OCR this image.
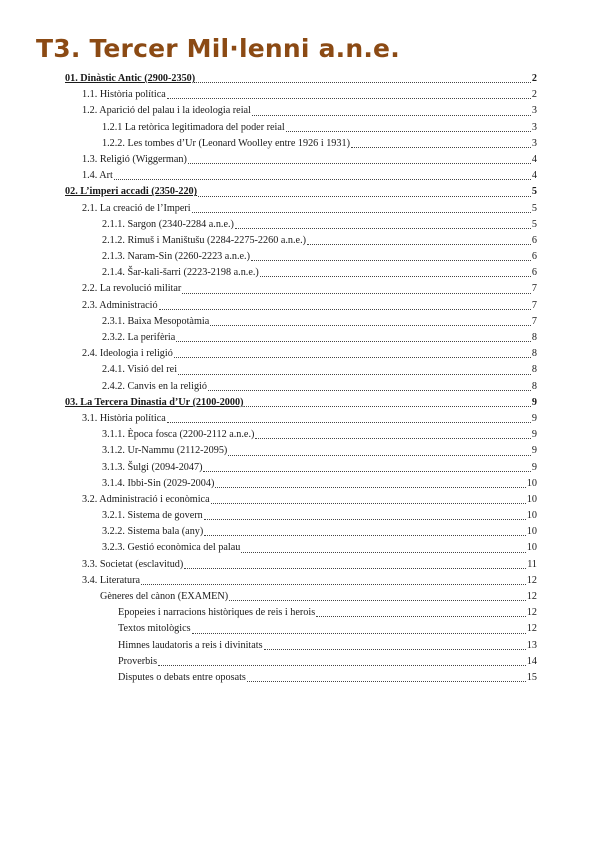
T3. Tercer Mil·lenni a.n.e.
01. Dinàstic Antic (2900-2350)	2
1.1. Història política	2
1.2. Aparició del palau i la ideologia reial	3
1.2.1 La retòrica legitimadora del poder reial	3
1.2.2. Les tombes d’Ur (Leonard Woolley entre 1926 i 1931)	3
1.3. Religió (Wiggerman)	4
1.4. Art	4
02. L’imperi accadi (2350-220)	5
2.1. La creació de l’Imperi	5
2.1.1. Sargon (2340-2284 a.n.e.)	5
2.1.2. Rimuš i Maništušu (2284-2275-2260 a.n.e.)	6
2.1.3. Naram-Sin (2260-2223 a.n.e.)	6
2.1.4. Šar-kali-šarri (2223-2198 a.n.e.)	6
2.2. La revolució militar	7
2.3. Administració	7
2.3.1. Baixa Mesopotàmia	7
2.3.2. La perifèria	8
2.4. Ideologia i religió	8
2.4.1. Visió del rei	8
2.4.2. Canvis en la religió	8
03. La Tercera Dinastia d’Ur (2100-2000)	9
3.1. Història política	9
3.1.1. Època fosca (2200-2112 a.n.e.)	9
3.1.2. Ur-Nammu (2112-2095)	9
3.1.3. Šulgi (2094-2047)	9
3.1.4. Ibbi-Sin (2029-2004)	10
3.2. Administració i econòmica	10
3.2.1. Sistema de govern	10
3.2.2. Sistema bala (any)	10
3.2.3. Gestió econòmica del palau	10
3.3. Societat (esclavitud)	11
3.4. Literatura	12
Gèneres del cànon (EXAMEN)	12
Epopeies i narracions històriques de reis i herois	12
Textos mitològics	12
Himnes laudatoris a reis i divinitats	13
Proverbis	14
Disputes o debats entre oposats	15
